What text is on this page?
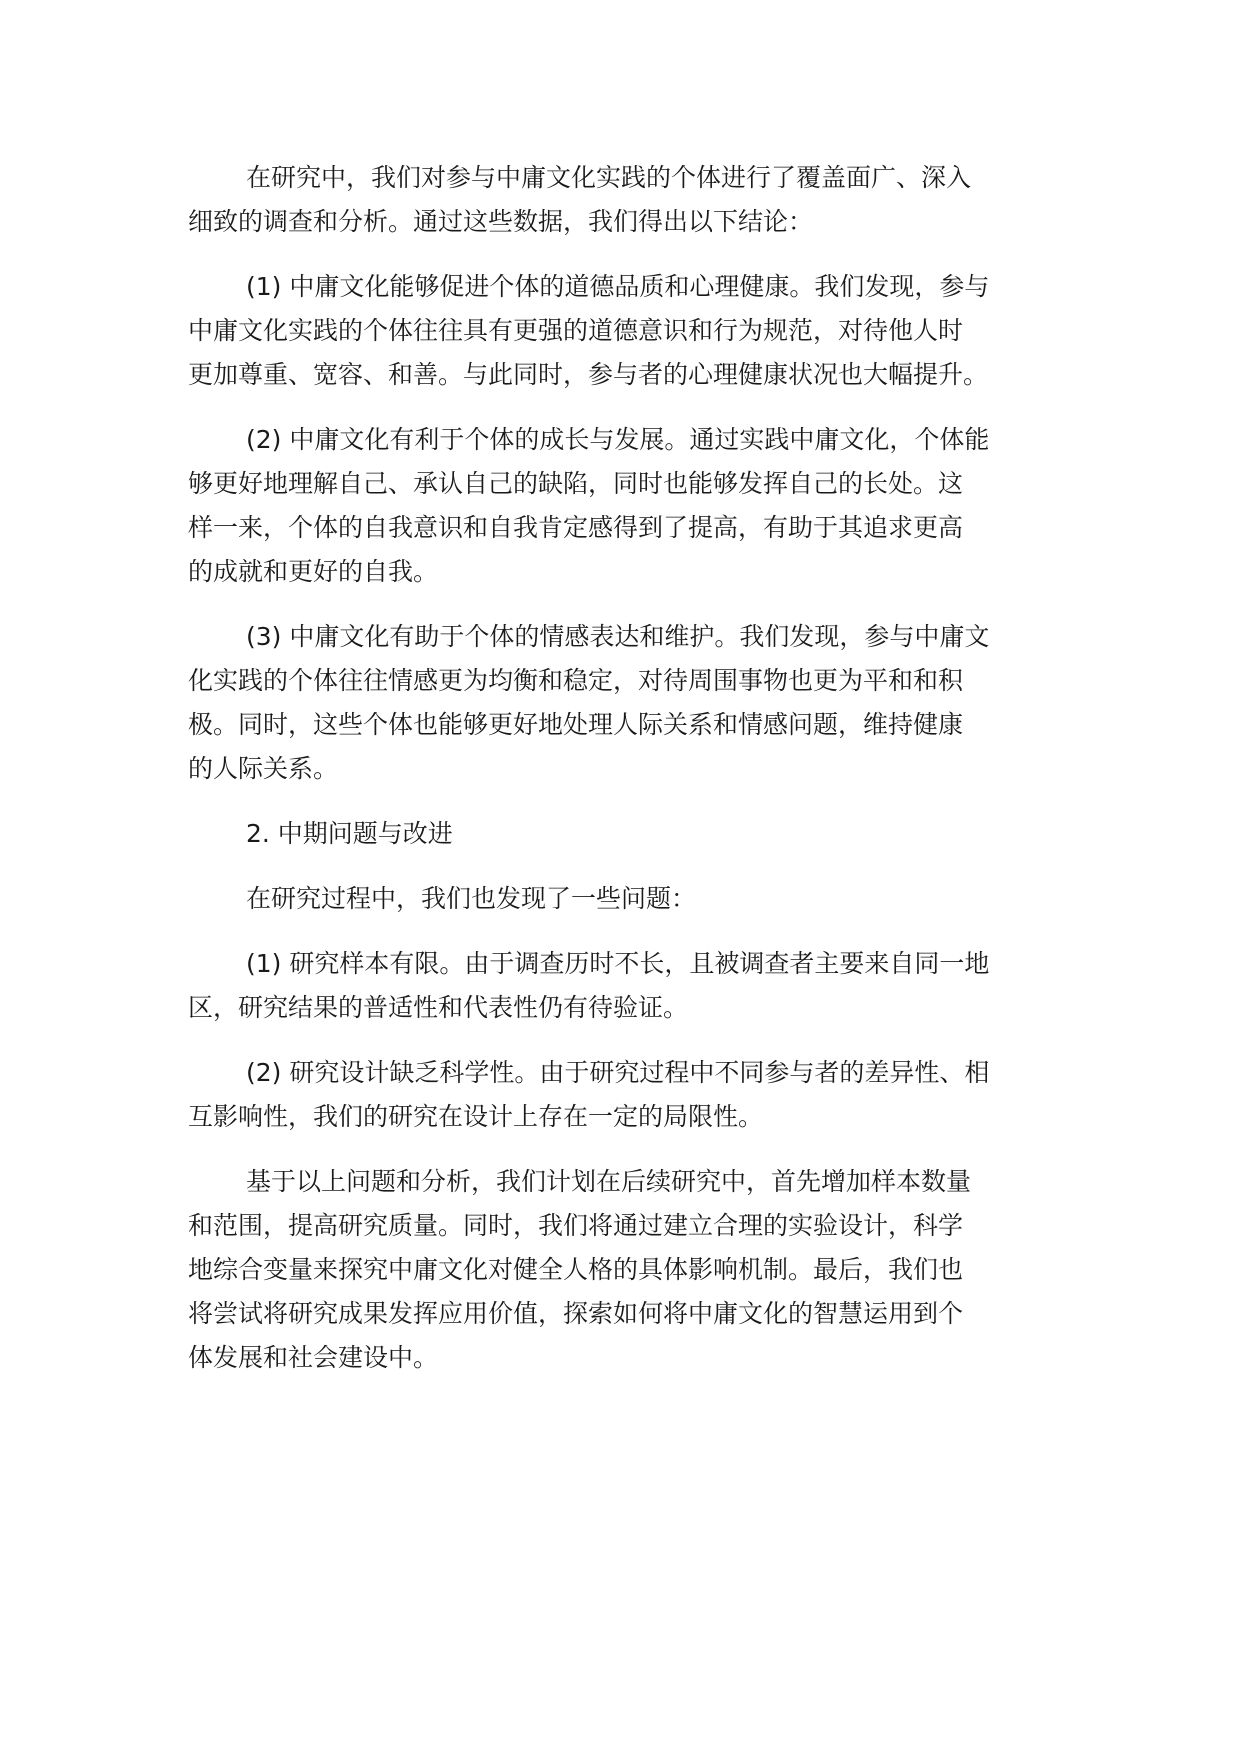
在研究中，我们对参与中庸文化实践的个体进行了覆盖面广、深入
细致的调查和分析。通过这些数据，我们得出以下结论：
(1) 中庸文化能够促进个体的道德品质和心理健康。我们发现，参与
中庸文化实践的个体往往具有更强的道德意识和行为规范，对待他人时
更加尊重、宽容、和善。与此同时，参与者的心理健康状况也大幅提升。
(2) 中庸文化有利于个体的成长与发展。通过实践中庸文化，个体能
够更好地理解自己、承认自己的缺陷，同时也能够发挥自己的长处。这
样一来，个体的自我意识和自我肯定感得到了提高，有助于其追求更高
的成就和更好的自我。
(3) 中庸文化有助于个体的情感表达和维护。我们发现，参与中庸文
化实践的个体往往情感更为均衡和稳定，对待周围事物也更为平和和积
极。同时，这些个体也能够更好地处理人际关系和情感问题，维持健康
的人际关系。
2. 中期问题与改进
在研究过程中，我们也发现了一些问题：
(1) 研究样本有限。由于调查历时不长，且被调查者主要来自同一地
区，研究结果的普适性和代表性仍有待验证。
(2) 研究设计缺乏科学性。由于研究过程中不同参与者的差异性、相
互影响性，我们的研究在设计上存在一定的局限性。
基于以上问题和分析，我们计划在后续研究中，首先增加样本数量
和范围，提高研究质量。同时，我们将通过建立合理的实验设计，科学
地综合变量来探究中庸文化对健全人格的具体影响机制。最后，我们也
将尝试将研究成果发挥应用价值，探索如何将中庸文化的智慧运用到个
体发展和社会建设中。
